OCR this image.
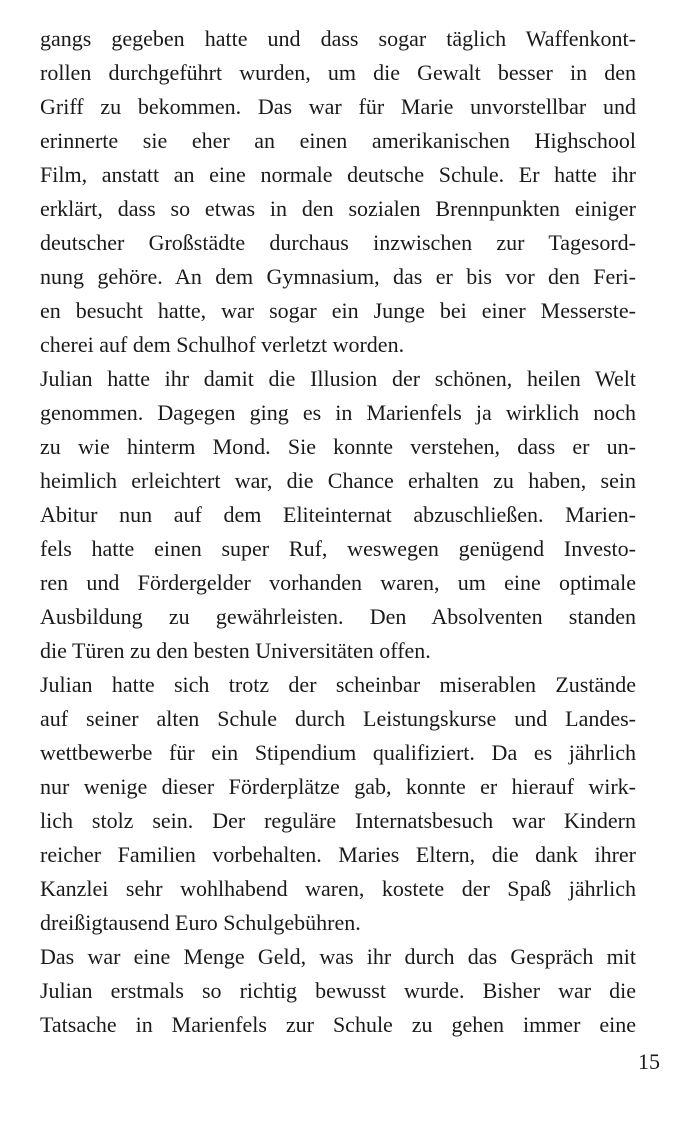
gangs gegeben hatte und dass sogar täglich Waffenkont-
rollen durchgeführt wurden, um die Gewalt besser in den
Griff zu bekommen. Das war für Marie unvorstellbar und
erinnerte sie eher an einen amerikanischen Highschool
Film, anstatt an eine normale deutsche Schule. Er hatte ihr
erklärt, dass so etwas in den sozialen Brennpunkten einiger
deutscher Großstädte durchaus inzwischen zur Tagesord-
nung gehöre. An dem Gymnasium, das er bis vor den Feri-
en besucht hatte, war sogar ein Junge bei einer Messerste-
cherei auf dem Schulhof verletzt worden.
Julian hatte ihr damit die Illusion der schönen, heilen Welt
genommen. Dagegen ging es in Marienfels ja wirklich noch
zu wie hinterm Mond. Sie konnte verstehen, dass er un-
heimlich erleichtert war, die Chance erhalten zu haben, sein
Abitur nun auf dem Eliteinternat abzuschließen. Marien-
fels hatte einen super Ruf, weswegen genügend Investo-
ren und Fördergelder vorhanden waren, um eine optimale
Ausbildung zu gewährleisten. Den Absolventen standen
die Türen zu den besten Universitäten offen.
Julian hatte sich trotz der scheinbar miserablen Zustände
auf seiner alten Schule durch Leistungskurse und Landes-
wettbewerbe für ein Stipendium qualifiziert. Da es jährlich
nur wenige dieser Förderplätze gab, konnte er hierauf wirk-
lich stolz sein. Der reguläre Internatsbesuch war Kindern
reicher Familien vorbehalten. Maries Eltern, die dank ihrer
Kanzlei sehr wohlhabend waren, kostete der Spaß jährlich
dreißigtausend Euro Schulgebühren.
Das war eine Menge Geld, was ihr durch das Gespräch mit
Julian erstmals so richtig bewusst wurde. Bisher war die
Tatsache in Marienfels zur Schule zu gehen immer eine
15
